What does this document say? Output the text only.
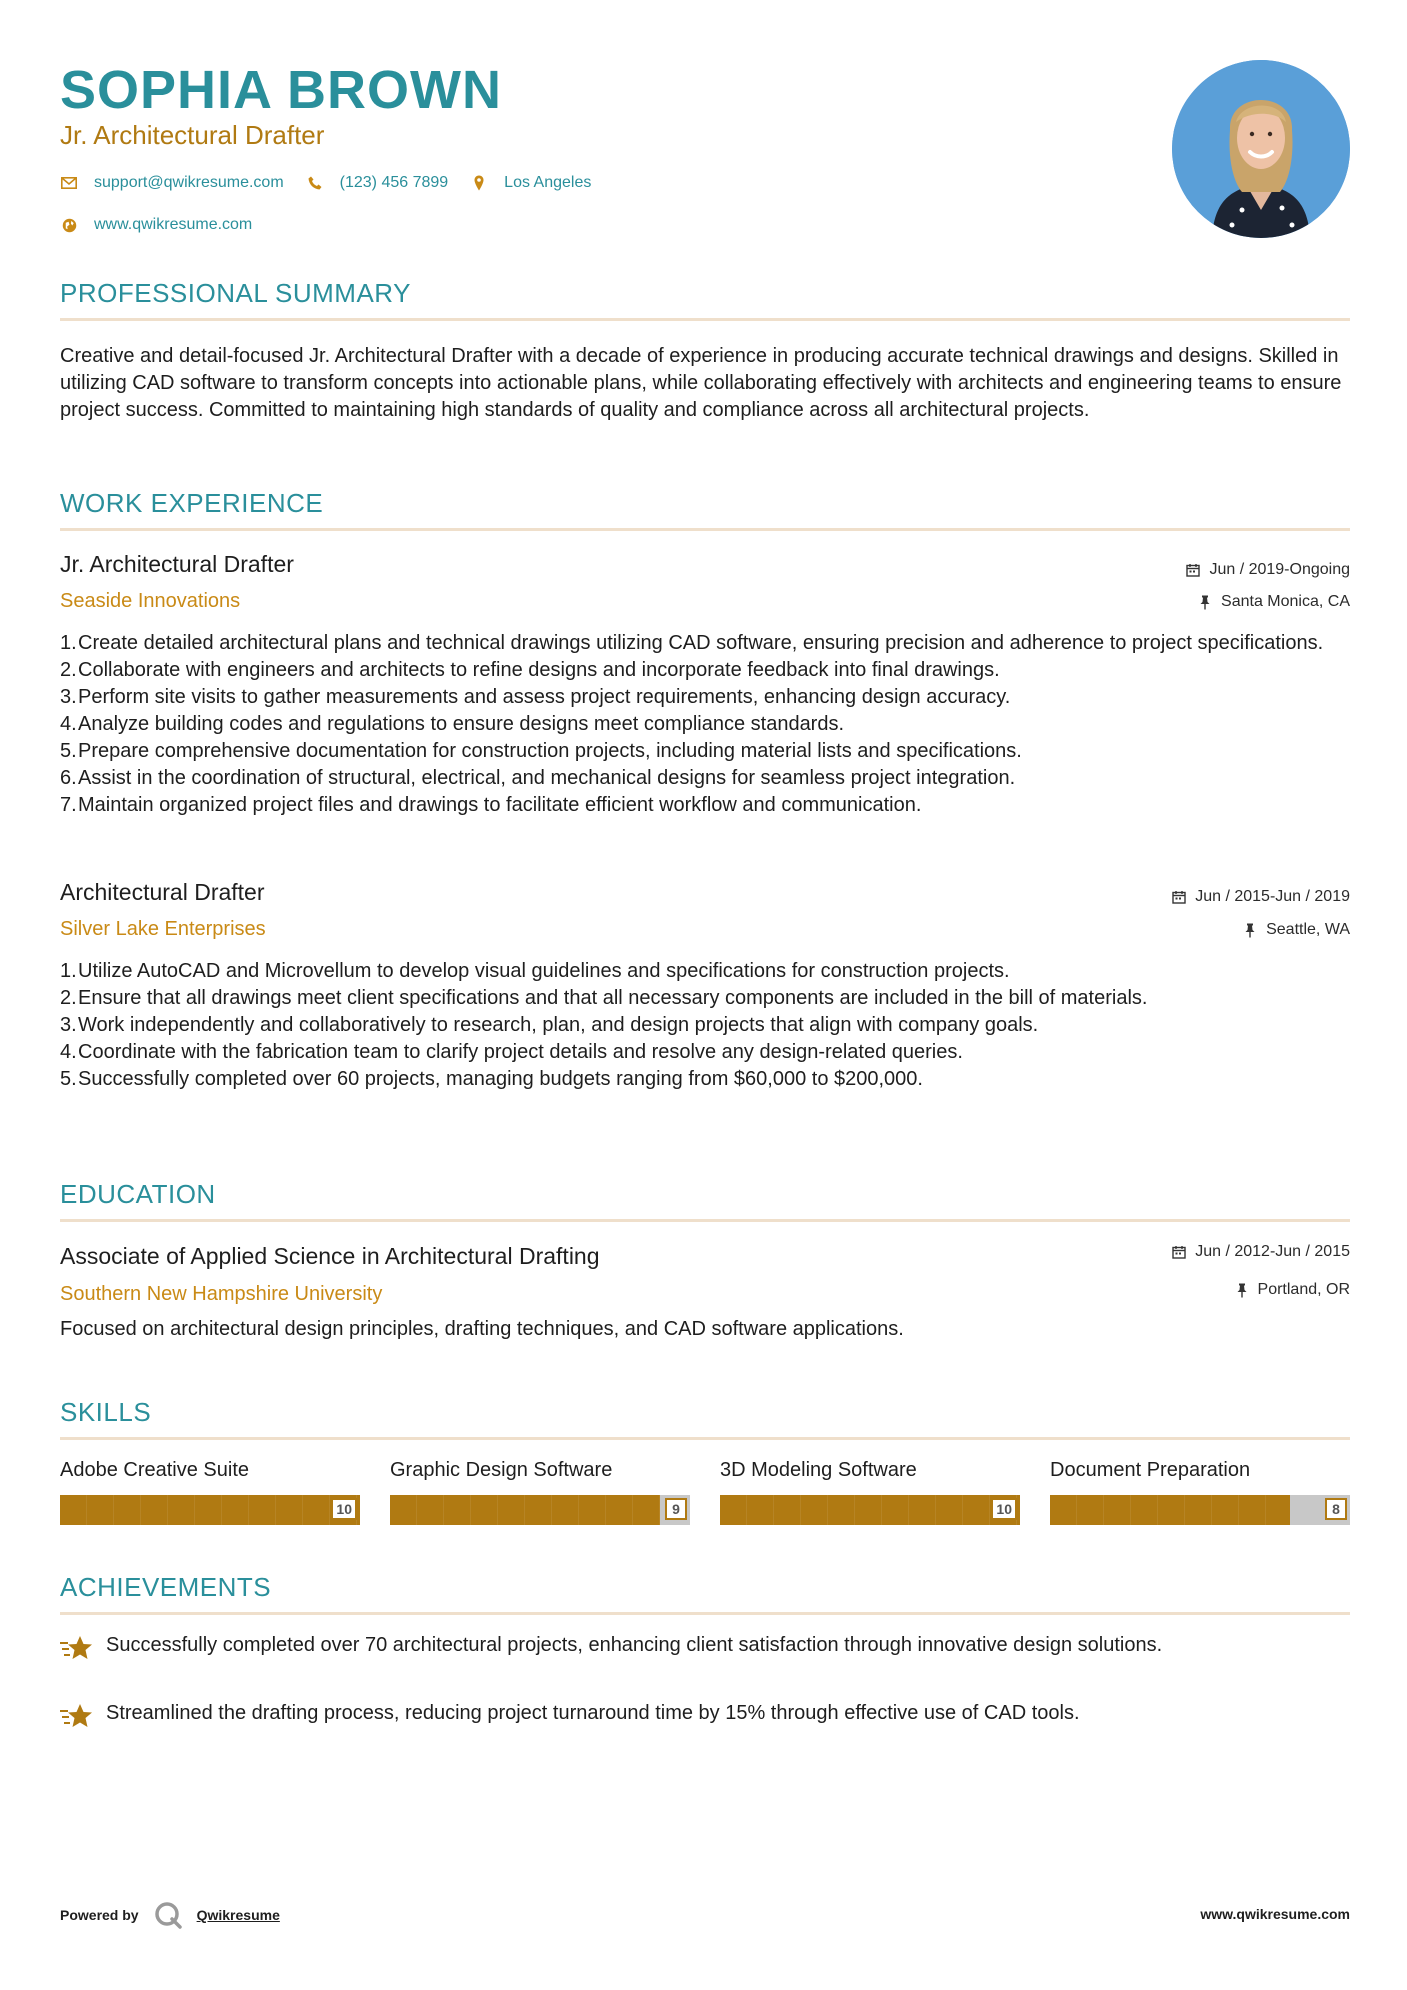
SOPHIA BROWN
Jr. Architectural Drafter
support@qwikresume.com	(123) 456 7899	Los Angeles
www.qwikresume.com
PROFESSIONAL SUMMARY
Creative and detail-focused Jr. Architectural Drafter with a decade of experience in producing accurate technical drawings and designs. Skilled in utilizing CAD software to transform concepts into actionable plans, while collaborating effectively with architects and engineering teams to ensure project success. Committed to maintaining high standards of quality and compliance across all architectural projects.
WORK EXPERIENCE
Jr. Architectural Drafter	Jun / 2019-Ongoing
Seaside Innovations	Santa Monica, CA
1. Create detailed architectural plans and technical drawings utilizing CAD software, ensuring precision and adherence to project specifications.
2. Collaborate with engineers and architects to refine designs and incorporate feedback into final drawings.
3. Perform site visits to gather measurements and assess project requirements, enhancing design accuracy.
4. Analyze building codes and regulations to ensure designs meet compliance standards.
5. Prepare comprehensive documentation for construction projects, including material lists and specifications.
6. Assist in the coordination of structural, electrical, and mechanical designs for seamless project integration.
7. Maintain organized project files and drawings to facilitate efficient workflow and communication.
Architectural Drafter	Jun / 2015-Jun / 2019
Silver Lake Enterprises	Seattle, WA
1. Utilize AutoCAD and Microvellum to develop visual guidelines and specifications for construction projects.
2. Ensure that all drawings meet client specifications and that all necessary components are included in the bill of materials.
3. Work independently and collaboratively to research, plan, and design projects that align with company goals.
4. Coordinate with the fabrication team to clarify project details and resolve any design-related queries.
5. Successfully completed over 60 projects, managing budgets ranging from $60,000 to $200,000.
EDUCATION
Associate of Applied Science in Architectural Drafting	Jun / 2012-Jun / 2015
Southern New Hampshire University	Portland, OR
Focused on architectural design principles, drafting techniques, and CAD software applications.
SKILLS
Adobe Creative Suite
10
Graphic Design Software
9
3D Modeling Software
10
Document Preparation
8
ACHIEVEMENTS
Successfully completed over 70 architectural projects, enhancing client satisfaction through innovative design solutions.
Streamlined the drafting process, reducing project turnaround time by 15% through effective use of CAD tools.
Powered by	Qwikresume	www.qwikresume.com
